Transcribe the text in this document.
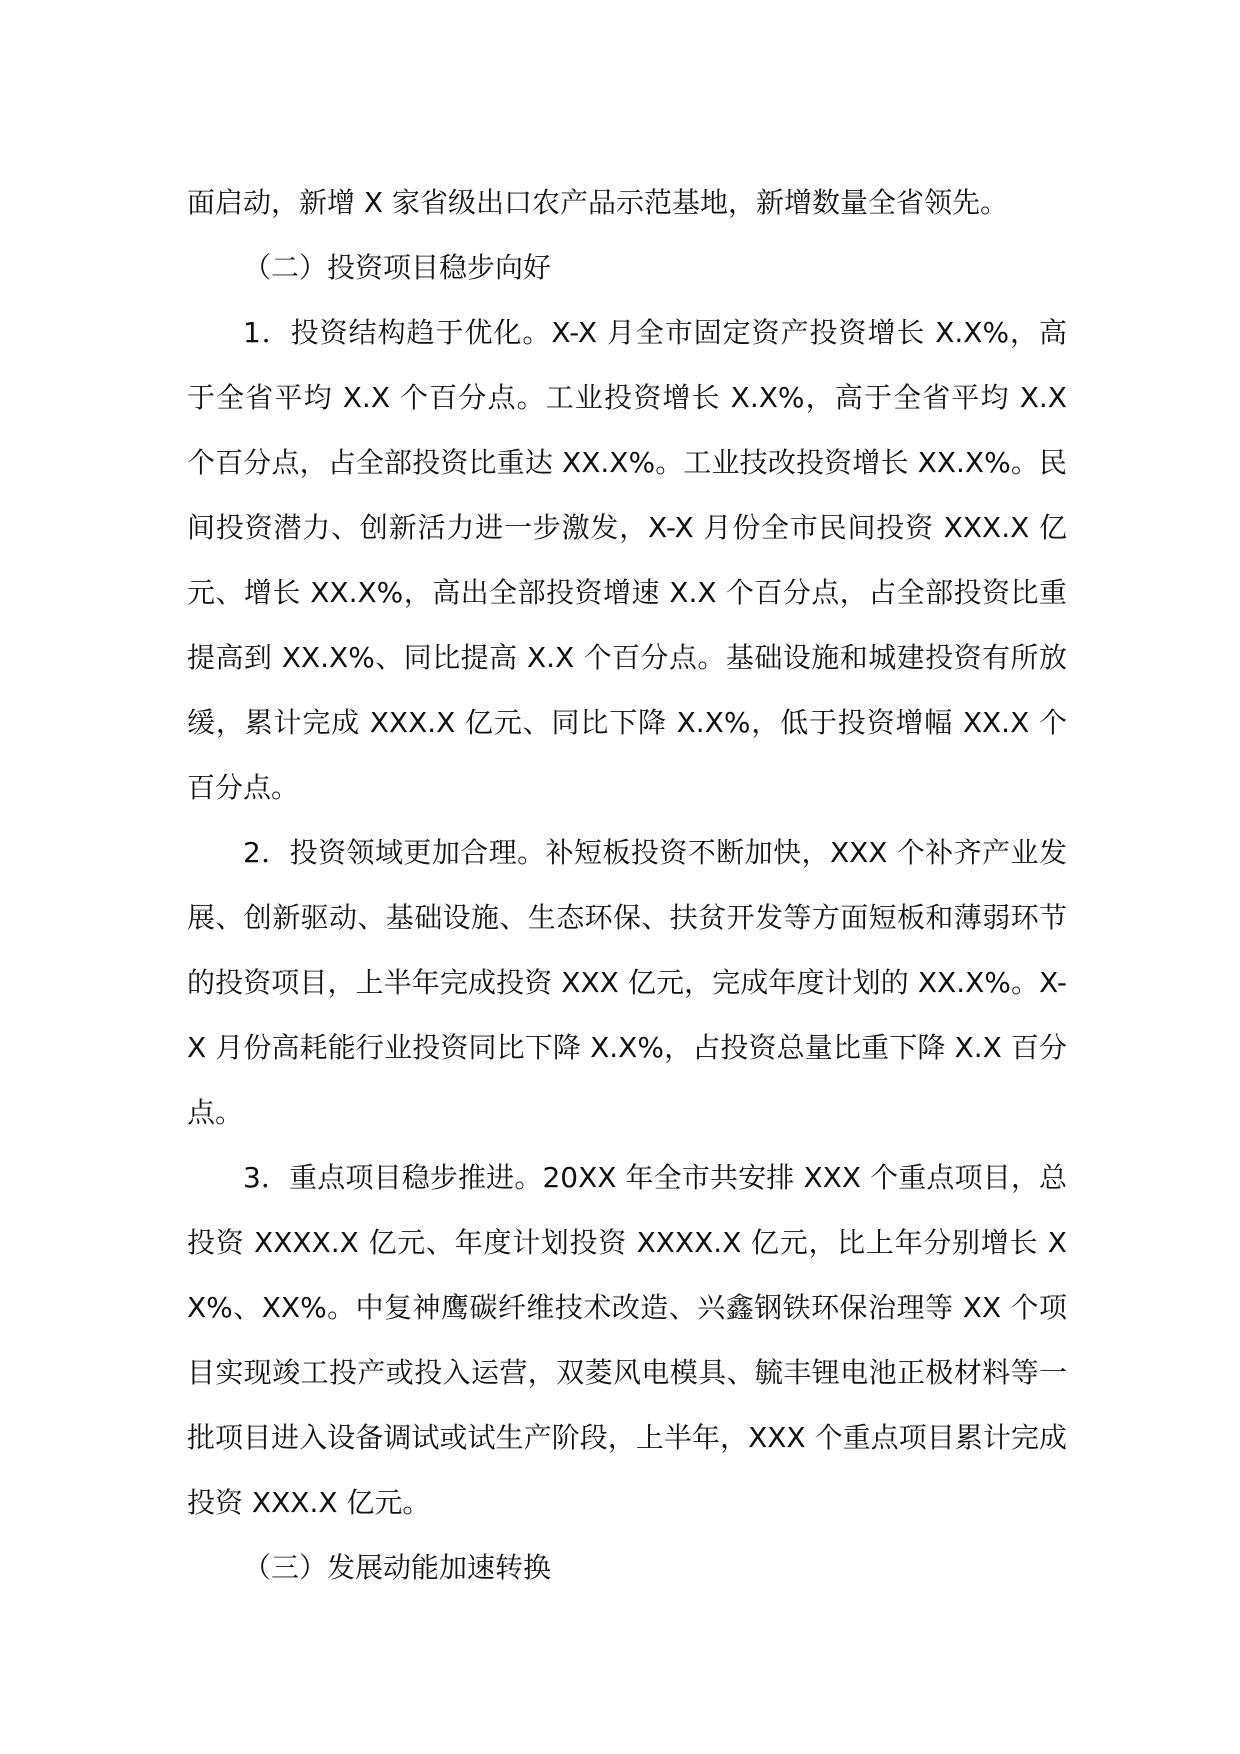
面启动，新增 X 家省级出口农产品示范基地，新增数量全省领先。

（二）投资项目稳步向好

1．投资结构趋于优化。X-X 月全市固定资产投资增长 X.X%，高于全省平均 X.X 个百分点。工业投资增长 X.X%，高于全省平均 X.X 个百分点，占全部投资比重达 XX.X%。工业技改投资增长 XX.X%。民间投资潜力、创新活力进一步激发，X-X 月份全市民间投资 XXX.X 亿元、增长 XX.X%，高出全部投资增速 X.X 个百分点，占全部投资比重提高到 XX.X%、同比提高 X.X 个百分点。基础设施和城建投资有所放缓，累计完成 XXX.X 亿元、同比下降 X.X%，低于投资增幅 XX.X 个百分点。

2．投资领域更加合理。补短板投资不断加快，XXX 个补齐产业发展、创新驱动、基础设施、生态环保、扶贫开发等方面短板和薄弱环节的投资项目，上半年完成投资 XXX 亿元，完成年度计划的 XX.X%。X-X 月份高耗能行业投资同比下降 X.X%，占投资总量比重下降 X.X 百分点。

3．重点项目稳步推进。20XX 年全市共安排 XXX 个重点项目，总投资 XXXX.X 亿元、年度计划投资 XXXX.X 亿元，比上年分别增长 XX%、XX%。中复神鹰碳纤维技术改造、兴鑫钢铁环保治理等 XX 个项目实现竣工投产或投入运营，双菱风电模具、毓丰锂电池正极材料等一批项目进入设备调试或试生产阶段，上半年，XXX 个重点项目累计完成投资 XXX.X 亿元。

（三）发展动能加速转换
